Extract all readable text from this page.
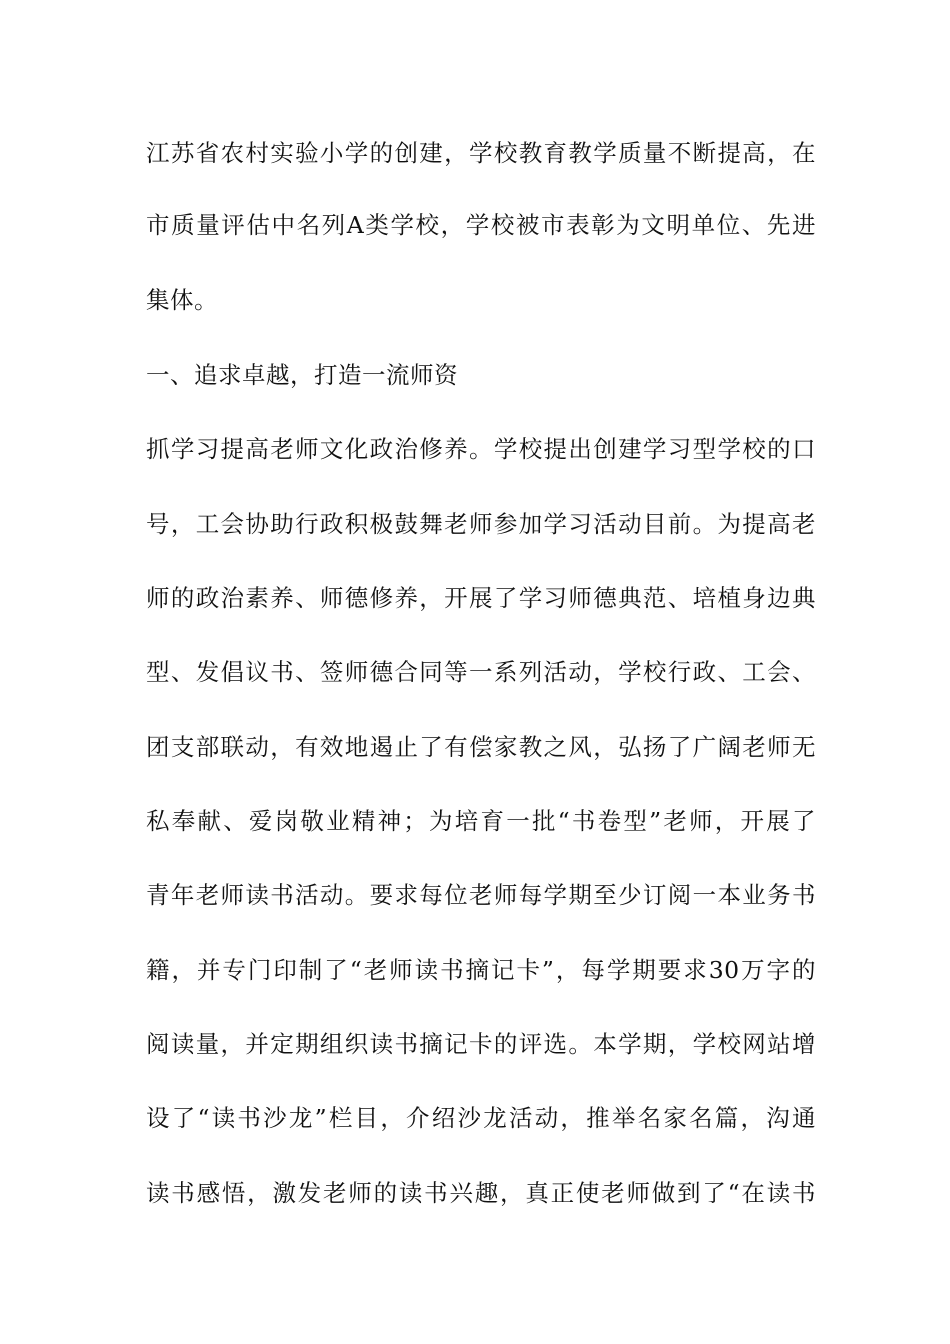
江苏省农村实验小学的创建，学校教育教学质量不断提高，在
市质量评估中名列A类学校，学校被市表彰为文明单位、先进
集体。
一、追求卓越，打造一流师资
抓学习提高老师文化政治修养。学校提出创建学习型学校的口
号，工会协助行政积极鼓舞老师参加学习活动目前。为提高老
师的政治素养、师德修养，开展了学习师德典范、培植身边典
型、发倡议书、签师德合同等一系列活动，学校行政、工会、
团支部联动，有效地遏止了有偿家教之风，弘扬了广阔老师无
私奉献、爱岗敬业精神；为培育一批“书卷型”老师，开展了
青年老师读书活动。要求每位老师每学期至少订阅一本业务书
籍，并专门印制了“老师读书摘记卡”，每学期要求30万字的
阅读量，并定期组织读书摘记卡的评选。本学期，学校网站增
设了“读书沙龙”栏目，介绍沙龙活动，推举名家名篇，沟通
读书感悟，激发老师的读书兴趣，真正使老师做到了“在读书
